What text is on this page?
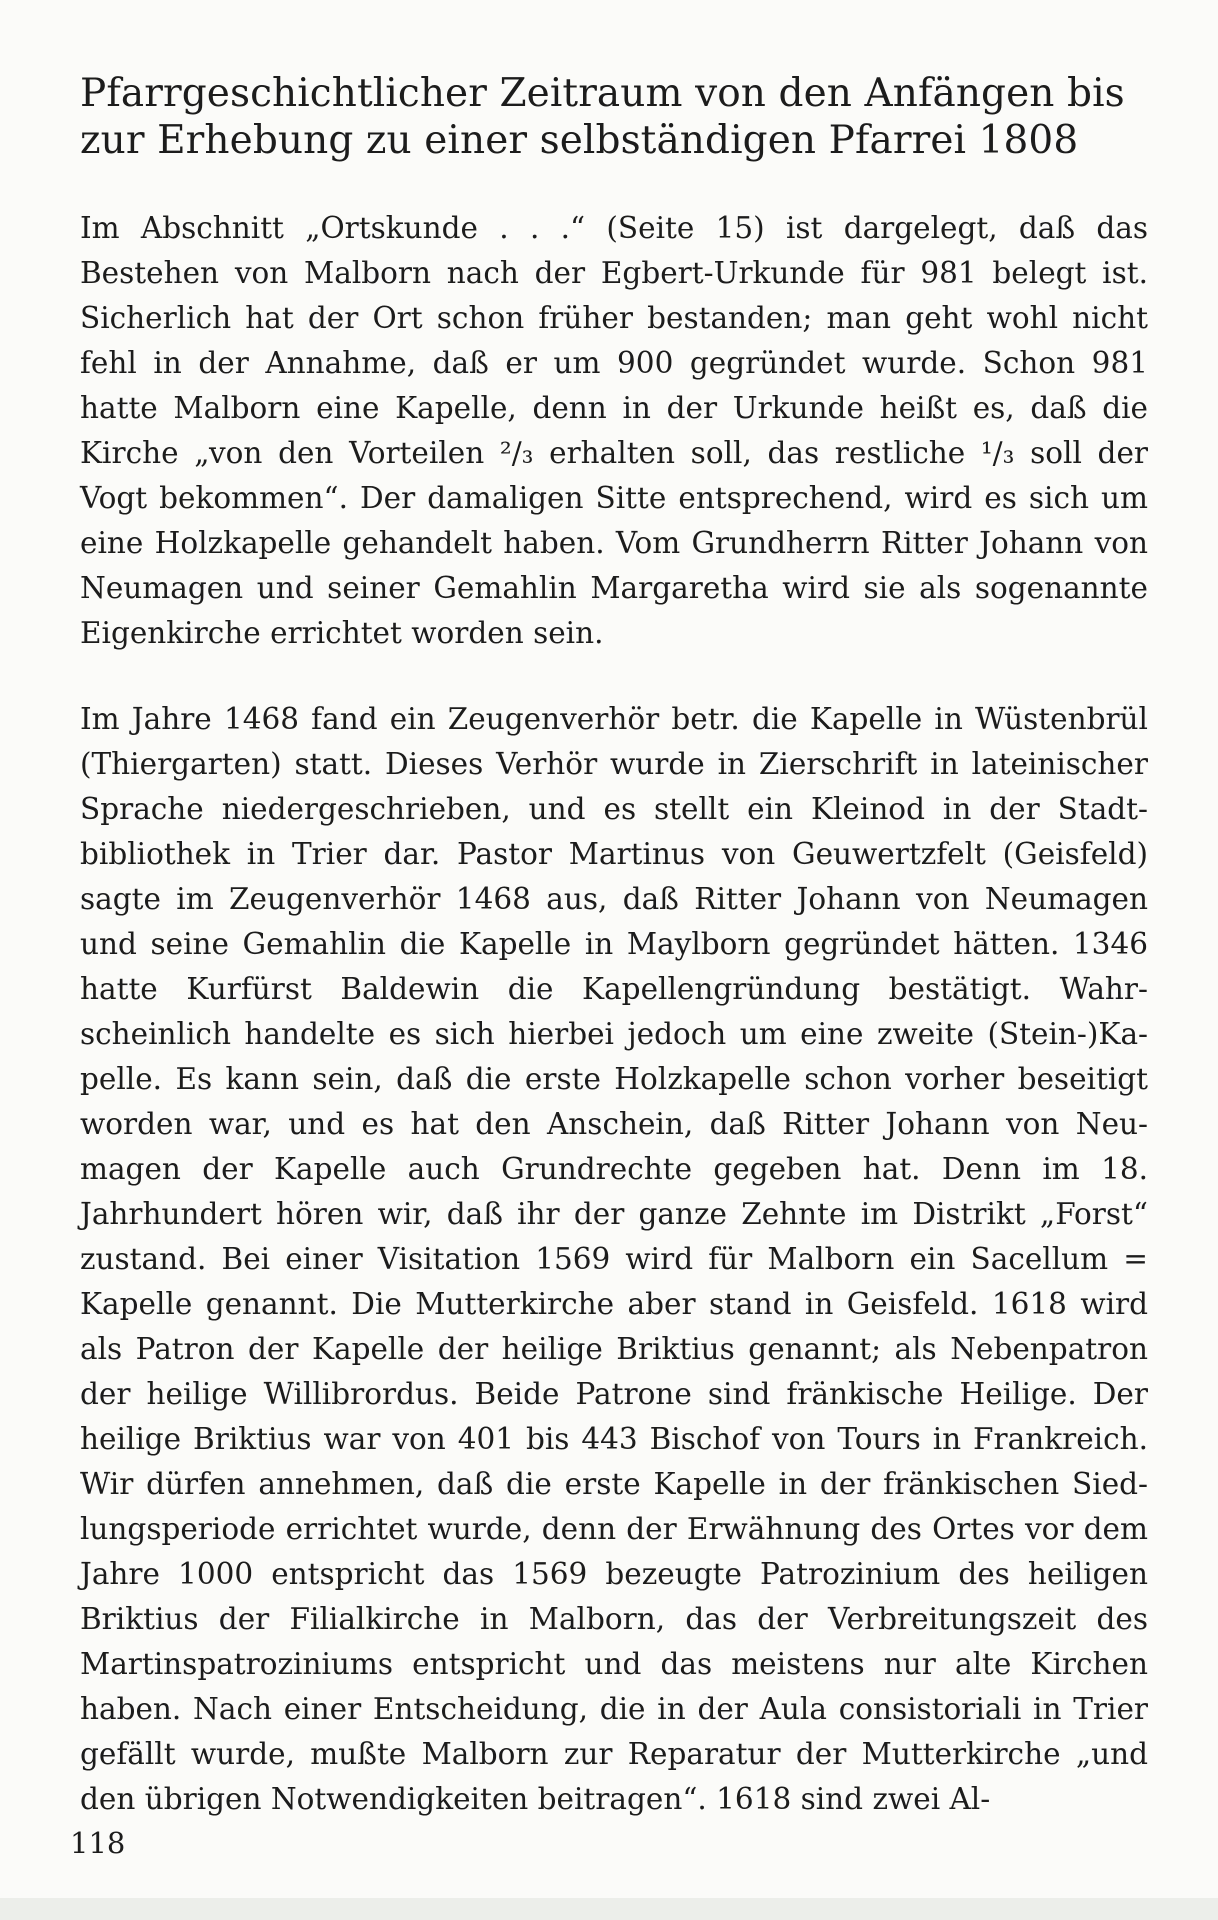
Pfarrgeschichtlicher Zeitraum von den Anfängen bis zur Erhebung zu einer selbständigen Pfarrei 1808

Im Abschnitt „Ortskunde . . .“ (Seite 15) ist dargelegt, daß das Bestehen von Malborn nach der Egbert-Urkunde für 981 belegt ist. Sicherlich hat der Ort schon früher bestanden; man geht wohl nicht fehl in der Annahme, daß er um 900 gegründet wurde. Schon 981 hatte Malborn eine Kapelle, denn in der Urkunde heißt es, daß die Kirche „von den Vorteilen ²/₃ erhalten soll, das restliche ¹/₃ soll der Vogt bekommen“. Der damaligen Sitte entsprechend, wird es sich um eine Holzkapelle gehandelt haben. Vom Grundherrn Ritter Johann von Neumagen und seiner Gemahlin Margaretha wird sie als sogenannte Eigenkirche errichtet worden sein.

Im Jahre 1468 fand ein Zeugenverhör betr. die Kapelle in Wüstenbrül (Thiergarten) statt. Dieses Verhör wurde in Zierschrift in lateinischer Sprache niedergeschrieben, und es stellt ein Kleinod in der Stadtbibliothek in Trier dar. Pastor Martinus von Geuwertzfelt (Geisfeld) sagte im Zeugenverhör 1468 aus, daß Ritter Johann von Neumagen und seine Gemahlin die Kapelle in Maylborn gegründet hätten. 1346 hatte Kurfürst Baldewin die Kapellengründung bestätigt. Wahrscheinlich handelte es sich hierbei jedoch um eine zweite (Stein-)Kapelle. Es kann sein, daß die erste Holzkapelle schon vorher beseitigt worden war, und es hat den Anschein, daß Ritter Johann von Neumagen der Kapelle auch Grundrechte gegeben hat. Denn im 18. Jahrhundert hören wir, daß ihr der ganze Zehnte im Distrikt „Forst“ zustand. Bei einer Visitation 1569 wird für Malborn ein Sacellum = Kapelle genannt. Die Mutterkirche aber stand in Geisfeld. 1618 wird als Patron der Kapelle der heilige Briktius genannt; als Nebenpatron der heilige Willibrordus. Beide Patrone sind fränkische Heilige. Der heilige Briktius war von 401 bis 443 Bischof von Tours in Frankreich. Wir dürfen annehmen, daß die erste Kapelle in der fränkischen Siedlungsperiode errichtet wurde, denn der Erwähnung des Ortes vor dem Jahre 1000 entspricht das 1569 bezeugte Patrozinium des heiligen Briktius der Filialkirche in Malborn, das der Verbreitungszeit des Martinspatroziniums entspricht und das meistens nur alte Kirchen haben. Nach einer Entscheidung, die in der Aula consistoriali in Trier gefällt wurde, mußte Malborn zur Reparatur der Mutterkirche „und den übrigen Notwendigkeiten beitragen“. 1618 sind zwei Al-

118
